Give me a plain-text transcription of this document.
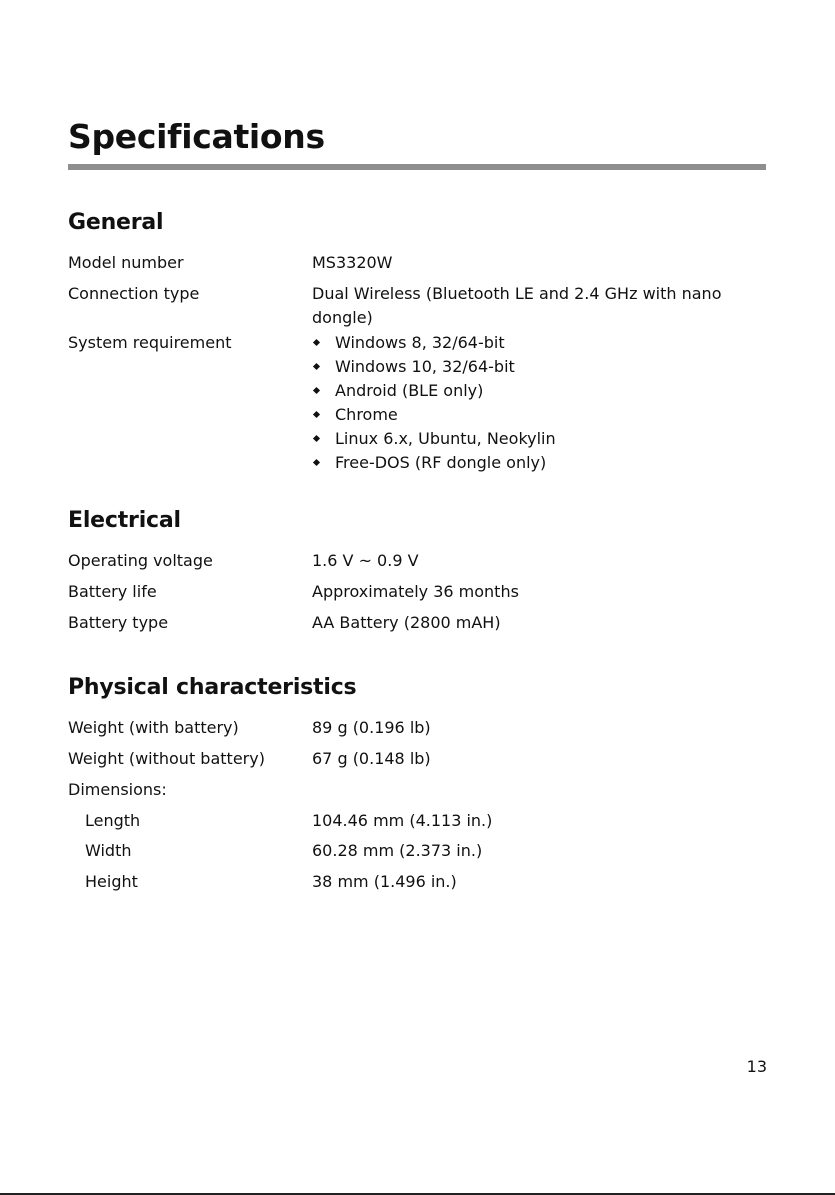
Specifications
General
Model number	MS3320W
Connection type	Dual Wireless (Bluetooth LE and 2.4 GHz with nano dongle)
System requirement	Windows 8, 32/64-bit
Windows 10, 32/64-bit
Android (BLE only)
Chrome
Linux 6.x, Ubuntu, Neokylin
Free-DOS (RF dongle only)
Electrical
Operating voltage	1.6 V ~ 0.9 V
Battery life	Approximately 36 months
Battery type	AA Battery (2800 mAH)
Physical characteristics
Weight (with battery)	89 g (0.196 lb)
Weight (without battery)	67 g (0.148 lb)
Dimensions:
Length	104.46 mm (4.113 in.)
Width	60.28 mm (2.373 in.)
Height	38 mm (1.496 in.)
13
